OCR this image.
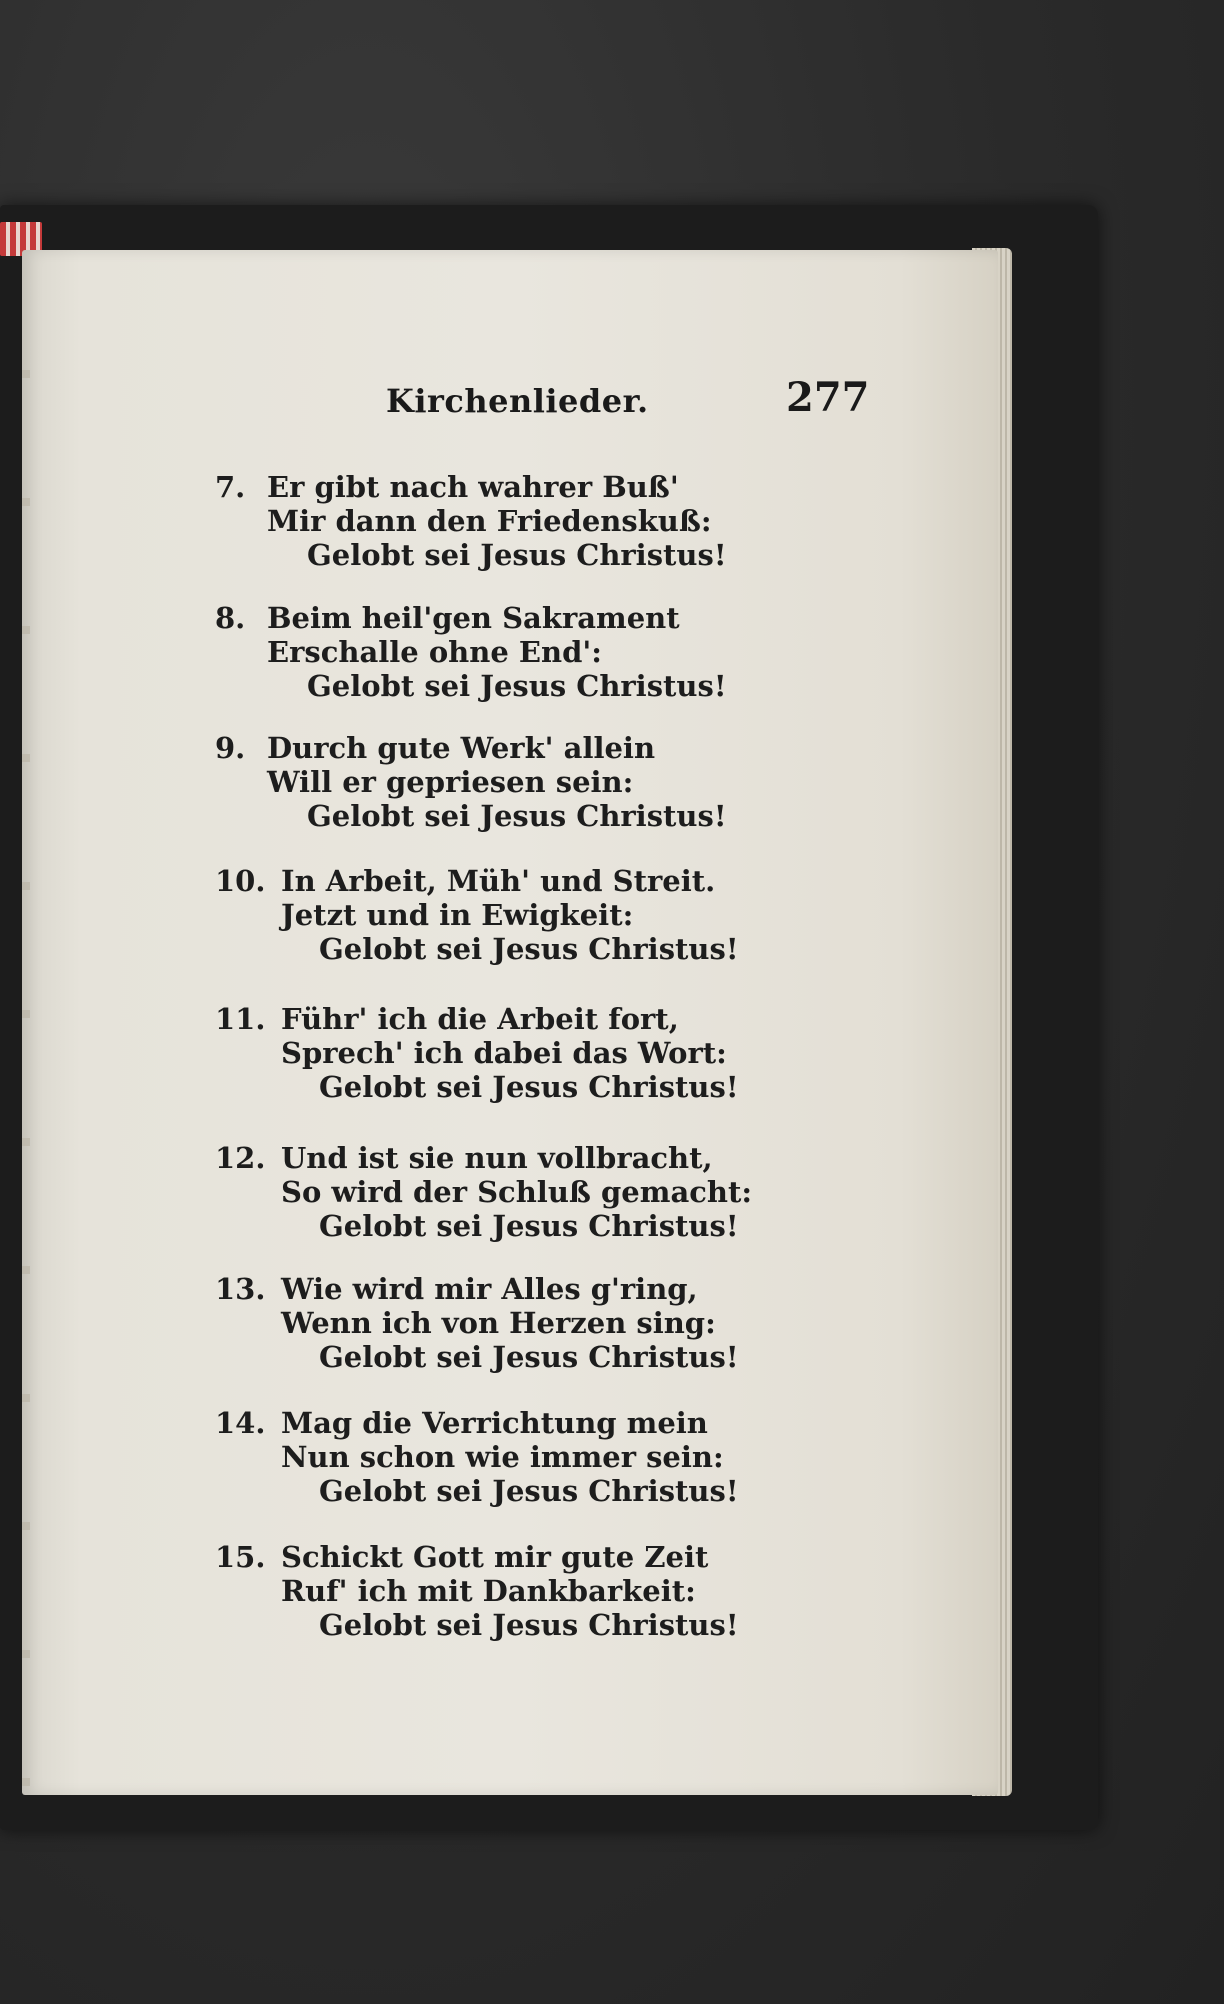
Kirchenlieder.	277
7. Er gibt nach wahrer Buß'
Mir dann den Friedenskuß:
Gelobt sei Jesus Christus!
8. Beim heil'gen Sakrament
Erschalle ohne End':
Gelobt sei Jesus Christus!
9. Durch gute Werk' allein
Will er gepriesen sein:
Gelobt sei Jesus Christus!
10. In Arbeit, Müh' und Streit.
Jetzt und in Ewigkeit:
Gelobt sei Jesus Christus!
11. Führ' ich die Arbeit fort,
Sprech' ich dabei das Wort:
Gelobt sei Jesus Christus!
12. Und ist sie nun vollbracht,
So wird der Schluß gemacht:
Gelobt sei Jesus Christus!
13. Wie wird mir Alles g'ring,
Wenn ich von Herzen sing:
Gelobt sei Jesus Christus!
14. Mag die Verrichtung mein
Nun schon wie immer sein:
Gelobt sei Jesus Christus!
15. Schickt Gott mir gute Zeit
Ruf' ich mit Dankbarkeit:
Gelobt sei Jesus Christus!
